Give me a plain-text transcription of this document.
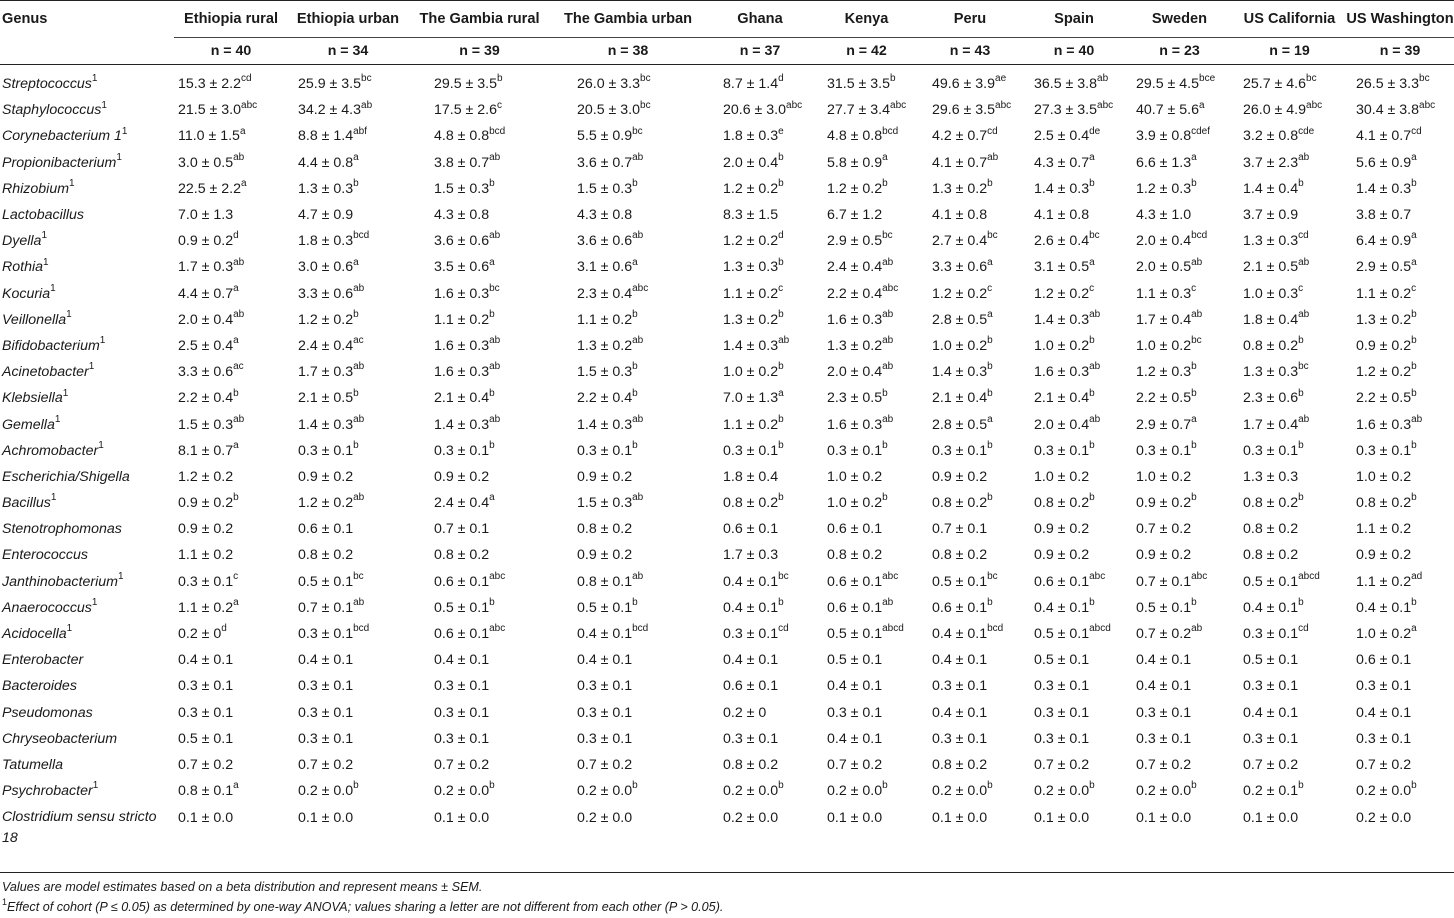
Genus	Ethiopia rural	Ethiopia urban	The Gambia rural	The Gambia urban	Ghana	Kenya	Peru	Spain	Sweden	US California	US Washington
	n = 40	n = 34	n = 39	n = 38	n = 37	n = 42	n = 43	n = 40	n = 23	n = 19	n = 39

Streptococcus$^1$	15.3 ± 2.2$^{cd}$	25.9 ± 3.5$^{bc}$	29.5 ± 3.5$^b$	26.0 ± 3.3$^{bc}$	8.7 ± 1.4$^d$	31.5 ± 3.5$^b$	49.6 ± 3.9$^{ae}$	36.5 ± 3.8$^{ab}$	29.5 ± 4.5$^{bce}$	25.7 ± 4.6$^{bc}$	26.5 ± 3.3$^{bc}$
Staphylococcus$^1$	21.5 ± 3.0$^{abc}$	34.2 ± 4.3$^{ab}$	17.5 ± 2.6$^c$	20.5 ± 3.0$^{bc}$	20.6 ± 3.0$^{abc}$	27.7 ± 3.4$^{abc}$	29.6 ± 3.5$^{abc}$	27.3 ± 3.5$^{abc}$	40.7 ± 5.6$^a$	26.0 ± 4.9$^{abc}$	30.4 ± 3.8$^{abc}$
Corynebacterium $1^1$	11.0 ± 1.5$^a$	8.8 ± 1.4$^{abf}$	4.8 ± 0.8$^{bcd}$	5.5 ± 0.9$^{bc}$	1.8 ± 0.3$^e$	4.8 ± 0.8$^{bcd}$	4.2 ± 0.7$^{cd}$	2.5 ± 0.4de	$3.9 \pm 0.8^{cdef}$	3.2 ± 0.8$^{cde}$	4.1 ± 0.7$^{cd}$
Propionibacterium$^1$	3.0 ± 0.5$^{ab}$	4.4 ± 0.8$^a$	3.8 ± 0.7$^{ab}$	3.6 ± 0.7$^{ab}$	2.0 ± 0.4$^b$	5.8 ± 0.9$^a$	4.1 ± 0.7$^{ab}$	4.3 ± 0.7$^a$	6.6 ± 1.3$^a$	3.7 ± 2.3$^{ab}$	5.6 ± 0.9$^a$
Rhizobium$^1$	22.5 ± 2.2$^a$	1.3 ± 0.3$^b$	1.5 ± 0.3$^b$	1.5 ± 0.3$^b$	1.2 ± 0.2$^b$	1.2 ± 0.2$^b$	1.3 ± 0.2$^b$	1.4 ± 0.3$^b$	1.2 ± 0.3$^b$	1.4 ± 0.4$^b$	1.4 ± 0.3$^b$
Lactobacillus	7.0 ± 1.3	4.7 ± 0.9	4.3 ± 0.8	4.3 ± 0.8	8.3 ± 1.5	6.7 ± 1.2	4.1 ± 0.8	4.1 ± 0.8	4.3 ± 1.0	3.7 ± 0.9	3.8 ± 0.7
Dyella$^1$	0.9 ± 0.2$^d$	1.8 ± 0.3$^{bcd}$	3.6 ± 0.6$^{ab}$	3.6 ± 0.6$^{ab}$	1.2 ± 0.2$^d$	2.9 ± 0.5$^{bc}$	2.7 ± 0.4$^{bc}$	2.6 ± 0.4$^{bc}$	2.0 ± 0.4$^{bcd}$	1.3 ± 0.3$^{cd}$	6.4 ± 0.9$^a$
Rothia$^1$	1.7 ± 0.3$^{ab}$	3.0 ± 0.6$^a$	3.5 ± 0.6$^a$	3.1 ± 0.6$^a$	1.3 ± 0.3$^b$	2.4 ± 0.4$^{ab}$	3.3 ± 0.6$^a$	3.1 ± 0.5$^a$	2.0 ± 0.5$^{ab}$	2.1 ± 0.5$^{ab}$	2.9 ± 0.5$^a$
Kocuria$^1$	4.4 ± 0.7$^a$	3.3 ± 0.6$^{ab}$	1.6 ± 0.3$^{bc}$	2.3 ± 0.4$^{abc}$	1.1 ± 0.2$^c$	2.2 ± 0.4$^{abc}$	1.2 ± 0.2$^c$	1.2 ± 0.2$^c$	1.1 ± 0.3$^c$	1.0 ± 0.3$^c$	1.1 ± 0.2$^c$
Veillonella$^1$	2.0 ± 0.4$^{ab}$	1.2 ± 0.2$^b$	1.1 ± 0.2$^b$	1.1 ± 0.2$^b$	1.3 ± 0.2$^b$	1.6 ± 0.3$^{ab}$	2.8 ± 0.5$^a$	1.4 ± 0.3$^{ab}$	1.7 ± 0.4$^{ab}$	1.8 ± 0.4$^{ab}$	1.3 ± 0.2$^b$
Bifidobacterium$^1$	2.5 ± 0.4$^a$	2.4 ± 0.4$^{ac}$	1.6 ± 0.3$^{ab}$	1.3 ± 0.2$^{ab}$	1.4 ± 0.3$^{ab}$	1.3 ± 0.2$^{ab}$	1.0 ± 0.2$^b$	1.0 ± 0.2$^b$	1.0 ± 0.2$^{bc}$	0.8 ± 0.2$^b$	0.9 ± 0.2$^b$
Acinetobacter$^1$	3.3 ± 0.6$^{ac}$	1.7 ± 0.3$^{ab}$	1.6 ± 0.3$^{ab}$	1.5 ± 0.3$^b$	1.0 ± 0.2$^b$	2.0 ± 0.4$^{ab}$	1.4 ± 0.3$^b$	1.6 ± 0.3$^{ab}$	1.2 ± 0.3$^b$	1.3 ± 0.3$^{bc}$	1.2 ± 0.2$^b$
Klebsiella$^1$	2.2 ± 0.4$^b$	2.1 ± 0.5$^b$	2.1 ± 0.4$^b$	2.2 ± 0.4$^b$	7.0 ± 1.3$^a$	2.3 ± 0.5$^b$	2.1 ± 0.4$^b$	2.1 ± 0.4$^b$	2.2 ± 0.5$^b$	2.3 ± 0.6$^b$	2.2 ± 0.5$^b$
Gemella$^1$	1.5 ± 0.3$^{ab}$	1.4 ± 0.3$^{ab}$	1.4 ± 0.3$^{ab}$	1.4 ± 0.3$^{ab}$	1.1 ± 0.2$^b$	1.6 ± 0.3$^{ab}$	2.8 ± 0.5$^a$	2.0 ± 0.4$^{ab}$	2.9 ± 0.7$^a$	1.7 ± 0.4$^{ab}$	1.6 ± 0.3$^{ab}$
Achromobacter$^1$	8.1 ± 0.7$^a$	0.3 ± 0.1$^b$	0.3 ± 0.1$^b$	0.3 ± 0.1$^b$	0.3 ± 0.1$^b$	0.3 ± 0.1$^b$	0.3 ± 0.1$^b$	0.3 ± 0.1$^b$	0.3 ± 0.1$^b$	0.3 ± 0.1$^b$	0.3 ± 0.1$^b$
Escherichia/Shigella	1.2 ± 0.2	0.9 ± 0.2	0.9 ± 0.2	0.9 ± 0.2	1.8 ± 0.4	1.0 ± 0.2	0.9 ± 0.2	1.0 ± 0.2	1.0 ± 0.2	1.3 ± 0.3	1.0 ± 0.2
Bacillus$^1$	0.9 ± 0.2$^b$	1.2 ± 0.2$^{ab}$	2.4 ± 0.4$^a$	1.5 ± 0.3$^{ab}$	0.8 ± 0.2$^b$	1.0 ± 0.2$^b$	0.8 ± 0.2$^b$	0.8 ± 0.2$^b$	0.9 ± 0.2$^b$	0.8 ± 0.2$^b$	0.8 ± 0.2$^b$
Stenotrophomonas	0.9 ± 0.2	0.6 ± 0.1	0.7 ± 0.1	0.8 ± 0.2	0.6 ± 0.1	0.6 ± 0.1	0.7 ± 0.1	0.9 ± 0.2	0.7 ± 0.2	0.8 ± 0.2	1.1 ± 0.2
Enterococcus	1.1 ± 0.2	0.8 ± 0.2	0.8 ± 0.2	0.9 ± 0.2	1.7 ± 0.3	0.8 ± 0.2	0.8 ± 0.2	0.9 ± 0.2	0.9 ± 0.2	0.8 ± 0.2	0.9 ± 0.2
Janthinobacterium$^1$	0.3 ± 0.1$^c$	0.5 ± 0.1$^{bc}$	0.6 ± 0.1$^{abc}$	0.8 ± 0.1$^{ab}$	0.4 ± 0.1$^{bc}$	0.6 ± 0.1$^{abc}$	0.5 ± 0.1$^{bc}$	0.6 ± 0.1$^{abc}$	0.7 ± 0.1$^{abc}$	$0.5 \pm 0.1^{abcd}$	1.1 ± 0.2$^{ad}$
Anaerococcus$^1$	1.1 ± 0.2$^a$	0.7 ± 0.1$^{ab}$	0.5 ± 0.1$^b$	0.5 ± 0.1$^b$	0.4 ± 0.1$^b$	0.6 ± 0.1$^{ab}$	0.6 ± 0.1$^b$	0.4 ± 0.1$^b$	0.5 ± 0.1$^b$	0.4 ± 0.1$^b$	0.4 ± 0.1$^b$
Acidocella$^1$	$0.2 \pm 0^d$	0.3 ± 0.1$^{bcd}$	0.6 ± 0.1$^{abc}$	0.4 ± 0.1$^{bcd}$	0.3 ± 0.1$^{cd}$	$0.5 \pm 0.1^{abcd}$	0.4 ± 0.1$^{bcd}$	$0.5 \pm 0.1^{abcd}$	0.7 ± 0.2$^{ab}$	0.3 ± 0.1$^{cd}$	1.0 ± 0.2$^a$
Enterobacter	0.4 ± 0.1	0.4 ± 0.1	0.4 ± 0.1	0.4 ± 0.1	0.4 ± 0.1	0.5 ± 0.1	0.4 ± 0.1	0.5 ± 0.1	0.4 ± 0.1	0.5 ± 0.1	0.6 ± 0.1
Bacteroides	0.3 ± 0.1	0.3 ± 0.1	0.3 ± 0.1	0.3 ± 0.1	0.6 ± 0.1	0.4 ± 0.1	0.3 ± 0.1	0.3 ± 0.1	0.4 ± 0.1	0.3 ± 0.1	0.3 ± 0.1
Pseudomonas	0.3 ± 0.1	0.3 ± 0.1	0.3 ± 0.1	0.3 ± 0.1	0.2 ± 0	0.3 ± 0.1	0.4 ± 0.1	0.3 ± 0.1	0.3 ± 0.1	0.4 ± 0.1	0.4 ± 0.1
Chryseobacterium	0.5 ± 0.1	0.3 ± 0.1	0.3 ± 0.1	0.3 ± 0.1	0.3 ± 0.1	0.4 ± 0.1	0.3 ± 0.1	0.3 ± 0.1	0.3 ± 0.1	0.3 ± 0.1	0.3 ± 0.1
Tatumella	0.7 ± 0.2	0.7 ± 0.2	0.7 ± 0.2	0.7 ± 0.2	0.8 ± 0.2	0.7 ± 0.2	0.8 ± 0.2	0.7 ± 0.2	0.7 ± 0.2	0.7 ± 0.2	0.7 ± 0.2
Psychrobacter$^1$	0.8 ± 0.1$^a$	0.2 ± 0.0$^b$	0.2 ± 0.0$^b$	0.2 ± 0.0$^b$	0.2 ± 0.0$^b$	0.2 ± 0.0$^b$	0.2 ± 0.0$^b$	0.2 ± 0.0$^b$	0.2 ± 0.0$^b$	0.2 ± 0.1$^b$	0.2 ± 0.0$^b$
Clostridium sensu stricto 18	0.1 ± 0.0	0.1 ± 0.0	0.1 ± 0.0	0.2 ± 0.0	0.2 ± 0.0	0.1 ± 0.0	0.1 ± 0.0	0.1 ± 0.0	0.1 ± 0.0	0.1 ± 0.0	0.2 ± 0.0
Values are model estimates based on a beta distribution and represent means ± SEM.
$^1$Effect of cohort (P ≤ 0.05) as determined by one-way ANOVA; values sharing a letter are not different from each other (P > 0.05).
